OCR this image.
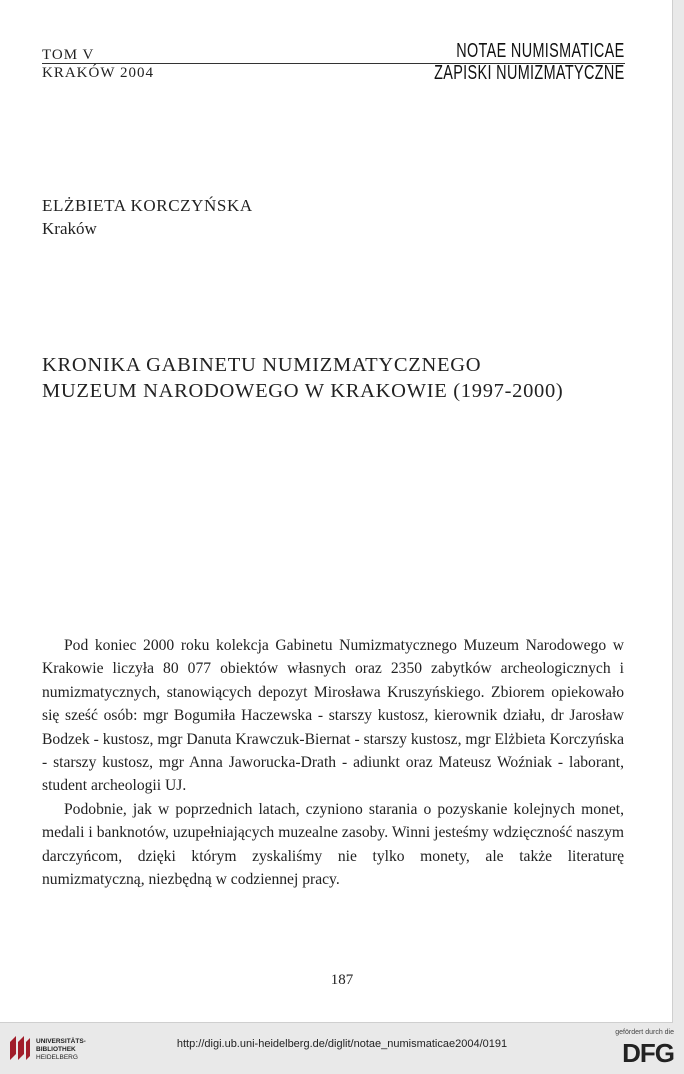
TOM V
KRAKÓW 2004
NOTAE NUMISMATICAE
ZAPISKI NUMIZMATYCZNE
ELŻBIETA KORCZYŃSKA
Kraków
KRONIKA GABINETU NUMIZMATYCZNEGO
MUZEUM NARODOWEGO W KRAKOWIE (1997-2000)

Pod koniec 2000 roku kolekcja Gabinetu Numizmatycznego Muzeum Narodowego w Krakowie liczyła 80 077 obiektów własnych oraz 2350 zabytków archeologicznych i numizmatycznych, stanowiących depozyt Mirosława Kruszyńskiego. Zbiorem opiekowało się sześć osób: mgr Bogumiła Haczewska - starszy kustosz, kierownik działu, dr Jarosław Bodzek - kustosz, mgr Danuta Krawczuk-Biernat - starszy kustosz, mgr Elżbieta Korczyńska - starszy kustosz, mgr Anna Jaworucka-Drath - adiunkt oraz Mateusz Woźniak - laborant, student archeologii UJ.

Podobnie, jak w poprzednich latach, czyniono starania o pozyskanie kolejnych monet, medali i banknotów, uzupełniających muzealne zasoby. Winni jesteśmy wdzięczność naszym darczyńcom, dzięki którym zyskaliśmy nie tylko monety, ale także literaturę numizmatyczną, niezbędną w codziennej pracy.

187
UNIVERSITÄTS-
BIBLIOTHEK
HEIDELBERG
http://digi.ub.uni-heidelberg.de/diglit/notae_numismaticae2004/0191
gefördert durch die
DFG
